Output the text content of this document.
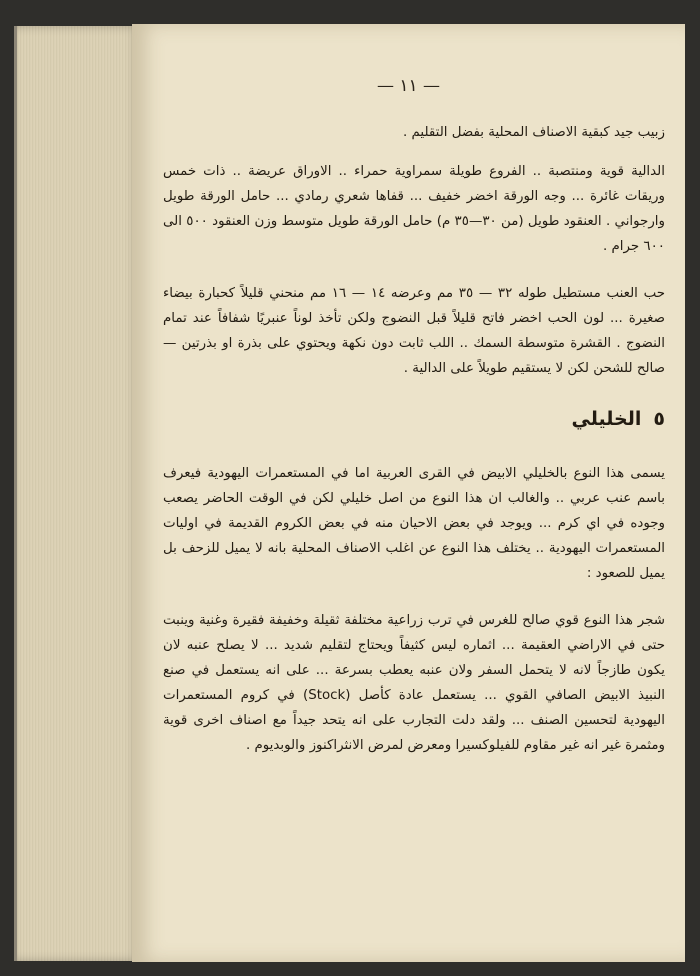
— ١١ —

زبيب جيد كبقية الاصناف المحلية بفضل التقليم .

الدالية قوية ومنتصبة .. الفروع طويلة سمراوية حمراء .. الاوراق عريضة .. ذات خمس وريقات غائرة ... وجه الورقة اخضر خفيف ... قفاها شعري رمادي ... حامل الورقة طويل وارجواني . العنقود طويل (من ٣٠—٣٥ م) حامل الورقة طويل متوسط وزن العنقود ٥٠٠ الى ٦٠٠ جرام .

حب العنب مستطيل طوله ٣٢ — ٣٥ مم وعرضه ١٤ — ١٦ مم منحني قليلاً كحبارة بيضاء صغيرة ... لون الحب اخضر فاتح قليلاً قبل النضوج ولكن تأخذ لوناً عنبريًا شفافاً عند تمام النضوج . القشرة متوسطة السمك .. اللب ثابت دون نكهة ويحتوي على بذرة او بذرتين — صالح للشحن لكن لا يستقيم طويلاً على الدالية .

٥الخليلي

يسمى هذا النوع بالخليلي الابيض في القرى العربية اما في المستعمرات اليهودية فيعرف باسم عنب عربي .. والغالب ان هذا النوع من اصل خليلي لكن في الوقت الحاضر يصعب وجوده في اي كرم ... ويوجد في بعض الاحيان منه في بعض الكروم القديمة في اوليات المستعمرات اليهودية .. يختلف هذا النوع عن اغلب الاصناف المحلية بانه لا يميل للزحف بل يميل للصعود :

شجر هذا النوع قوي صالح للغرس في ترب زراعية مختلفة ثقيلة وخفيفة فقيرة وغنية وينبت حتى في الاراضي العقيمة ... اثماره ليس كثيفاً ويحتاج لتقليم شديد ... لا يصلح عنبه لان يكون طازجاً لانه لا يتحمل السفر ولان عنبه يعطب بسرعة ... على انه يستعمل في صنع النبيذ الابيض الصافي القوي ... يستعمل عادة كأصل (Stock) في كروم المستعمرات اليهودية لتحسين الصنف ... ولقد دلت التجارب على انه يتحد جيداً مع اصناف اخرى قوية ومثمرة غير انه غير مقاوم للفيلوكسيرا ومعرض لمرض الانثراكنوز والوبديوم .
